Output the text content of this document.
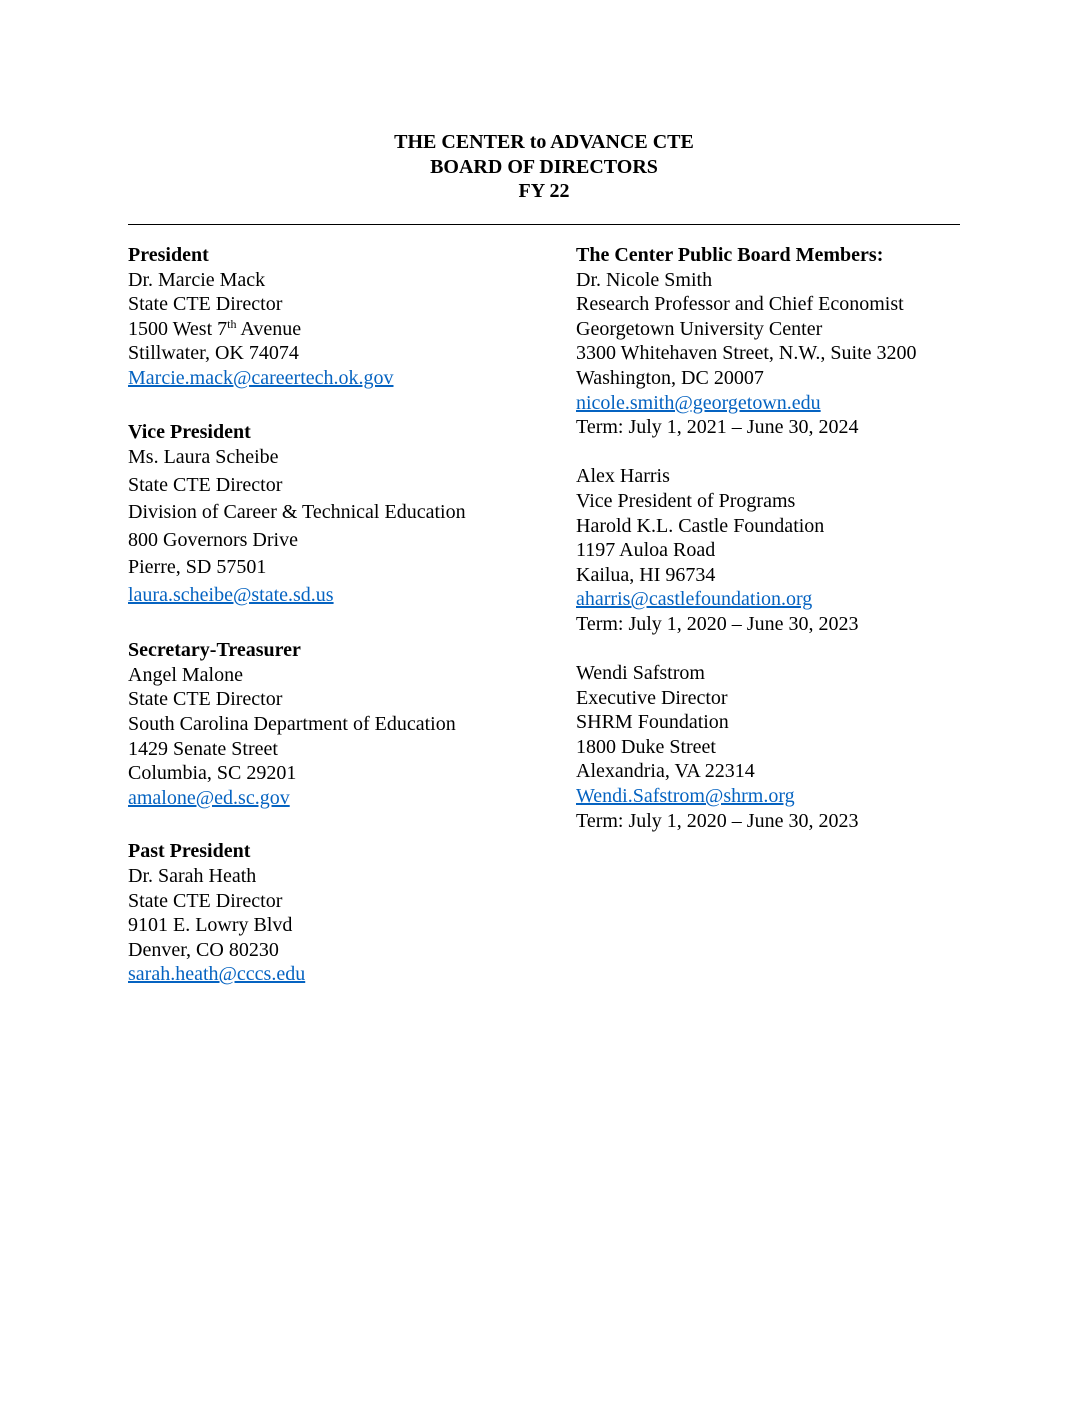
THE CENTER to ADVANCE CTE
BOARD OF DIRECTORS
FY 22
President
Dr. Marcie Mack
State CTE Director
1500 West 7th Avenue
Stillwater, OK 74074
Marcie.mack@careertech.ok.gov
Vice President
Ms. Laura Scheibe
State CTE Director
Division of Career & Technical Education
800 Governors Drive
Pierre, SD 57501
laura.scheibe@state.sd.us
Secretary-Treasurer
Angel Malone
State CTE Director
South Carolina Department of Education
1429 Senate Street
Columbia, SC 29201
amalone@ed.sc.gov
Past President
Dr. Sarah Heath
State CTE Director
9101 E. Lowry Blvd
Denver, CO 80230
sarah.heath@cccs.edu
The Center Public Board Members:
Dr. Nicole Smith
Research Professor and Chief Economist
Georgetown University Center
3300 Whitehaven Street, N.W., Suite 3200
Washington, DC 20007
nicole.smith@georgetown.edu
Term: July 1, 2021 – June 30, 2024
Alex Harris
Vice President of Programs
Harold K.L. Castle Foundation
1197 Auloa Road
Kailua, HI 96734
aharris@castlefoundation.org
Term: July 1, 2020 – June 30, 2023
Wendi Safstrom
Executive Director
SHRM Foundation
1800 Duke Street
Alexandria, VA 22314
Wendi.Safstrom@shrm.org
Term: July 1, 2020 – June 30, 2023
